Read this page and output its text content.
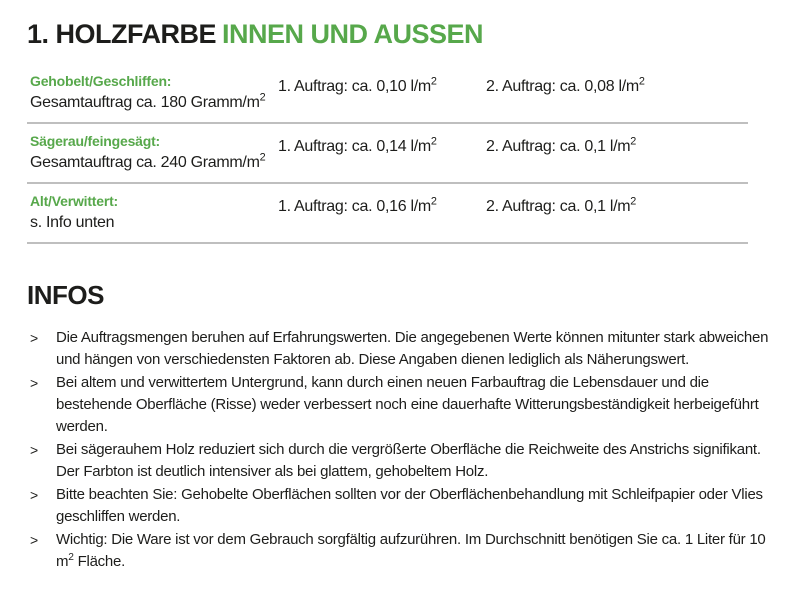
1. HOLZFARBE INNEN UND AUSSEN
Gehobelt/Geschliffen:
Gesamtauftrag ca. 180 Gramm/$m^2$
1. Auftrag: ca. 0,10 $l/m^2$	2. Auftrag: ca. 0,08 $l/m^2$
Sägerau/feingesägt:
Gesamtauftrag ca. 240 Gramm/$m^2$
1. Auftrag: ca. 0,14 $l/m^2$	2. Auftrag: ca. 0,1 $l/m^2$
Alt/Verwittert:
s. Info unten
1. Auftrag: ca. 0,16 $l/m^2$	2. Auftrag: ca. 0,1 $l/m^2$
INFOS
>	Die Auftragsmengen beruhen auf Erfahrungswerten. Die angegebenen Werte können mitunter stark abweichen und hängen von verschiedensten Faktoren ab. Diese Angaben dienen lediglich als Näherungswert.
>	Bei altem und verwittertem Untergrund, kann durch einen neuen Farbauftrag die Lebensdauer und die bestehende Oberfläche (Risse) weder verbessert noch eine dauerhafte Witterungsbeständigkeit herbeigeführt werden.
>	Bei sägerauhem Holz reduziert sich durch die vergrößerte Oberfläche die Reichweite des Anstrichs signifikant. Der Farbton ist deutlich intensiver als bei glattem, gehobeltem Holz.
>	Bitte beachten Sie: Gehobelte Oberflächen sollten vor der Oberflächenbehandlung mit Schleifpapier oder Vlies geschliffen werden.
>	Wichtig: Die Ware ist vor dem Gebrauch sorgfältig aufzurühren. Im Durchschnitt benötigen Sie ca. 1 Liter für 10 $m^2$ Fläche.
